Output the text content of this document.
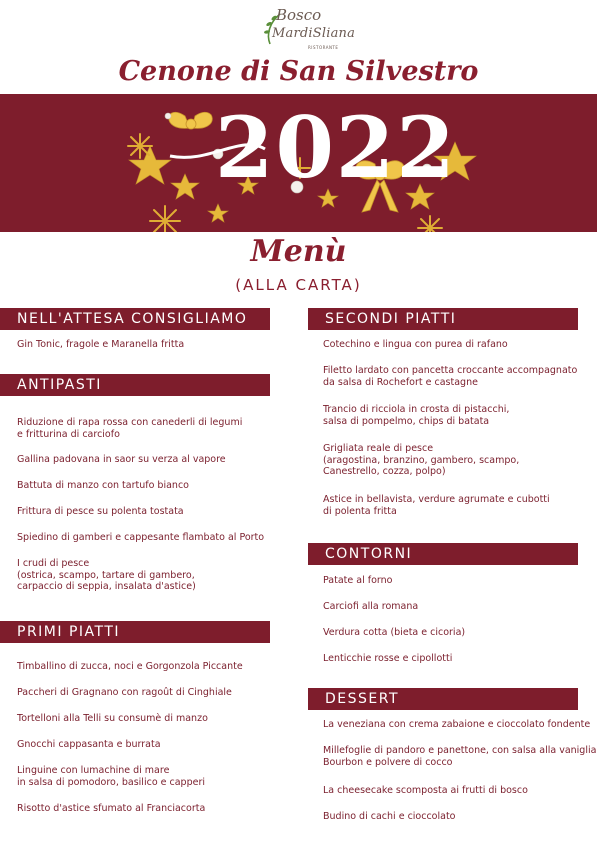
Bosco
MardiSliana
RISTORANTE
Cenone di San Silvestro
2022
Menù
(ALLA CARTA)
NELL'ATTESA CONSIGLIAMO
Gin Tonic, fragole e Maranella fritta
ANTIPASTI
Riduzione di rapa rossa con canederli di legumi
e fritturina di carciofo
Gallina padovana in saor su verza al vapore
Battuta di manzo con tartufo bianco
Frittura di pesce su polenta tostata
Spiedino di gamberi e cappesante flambato al Porto
I crudi di pesce
(ostrica, scampo, tartare di gambero,
carpaccio di seppia, insalata d'astice)
PRIMI PIATTI
Timballino di zucca, noci e Gorgonzola Piccante
Paccheri di Gragnano con ragoût di Cinghiale
Tortelloni alla Telli su consumè di manzo
Gnocchi cappasanta e burrata
Linguine con lumachine di mare
in salsa di pomodoro, basilico e capperi
Risotto d'astice sfumato al Franciacorta
SECONDI PIATTI
Cotechino e lingua con purea di rafano
Filetto lardato con pancetta croccante accompagnato
da salsa di Rochefort e castagne
Trancio di ricciola in crosta di pistacchi,
salsa di pompelmo, chips di batata
Grigliata reale di pesce
(aragostina, branzino, gambero, scampo,
Canestrello, cozza, polpo)
Astice in bellavista, verdure agrumate e cubotti
di polenta fritta
CONTORNI
Patate al forno
Carciofi alla romana
Verdura cotta (bieta e cicoria)
Lenticchie rosse e cipollotti
DESSERT
La veneziana con crema zabaione e cioccolato fondente
Millefoglie di pandoro e panettone, con salsa alla vaniglia
Bourbon e polvere di cocco
La cheesecake scomposta ai frutti di bosco
Budino di cachi e cioccolato
